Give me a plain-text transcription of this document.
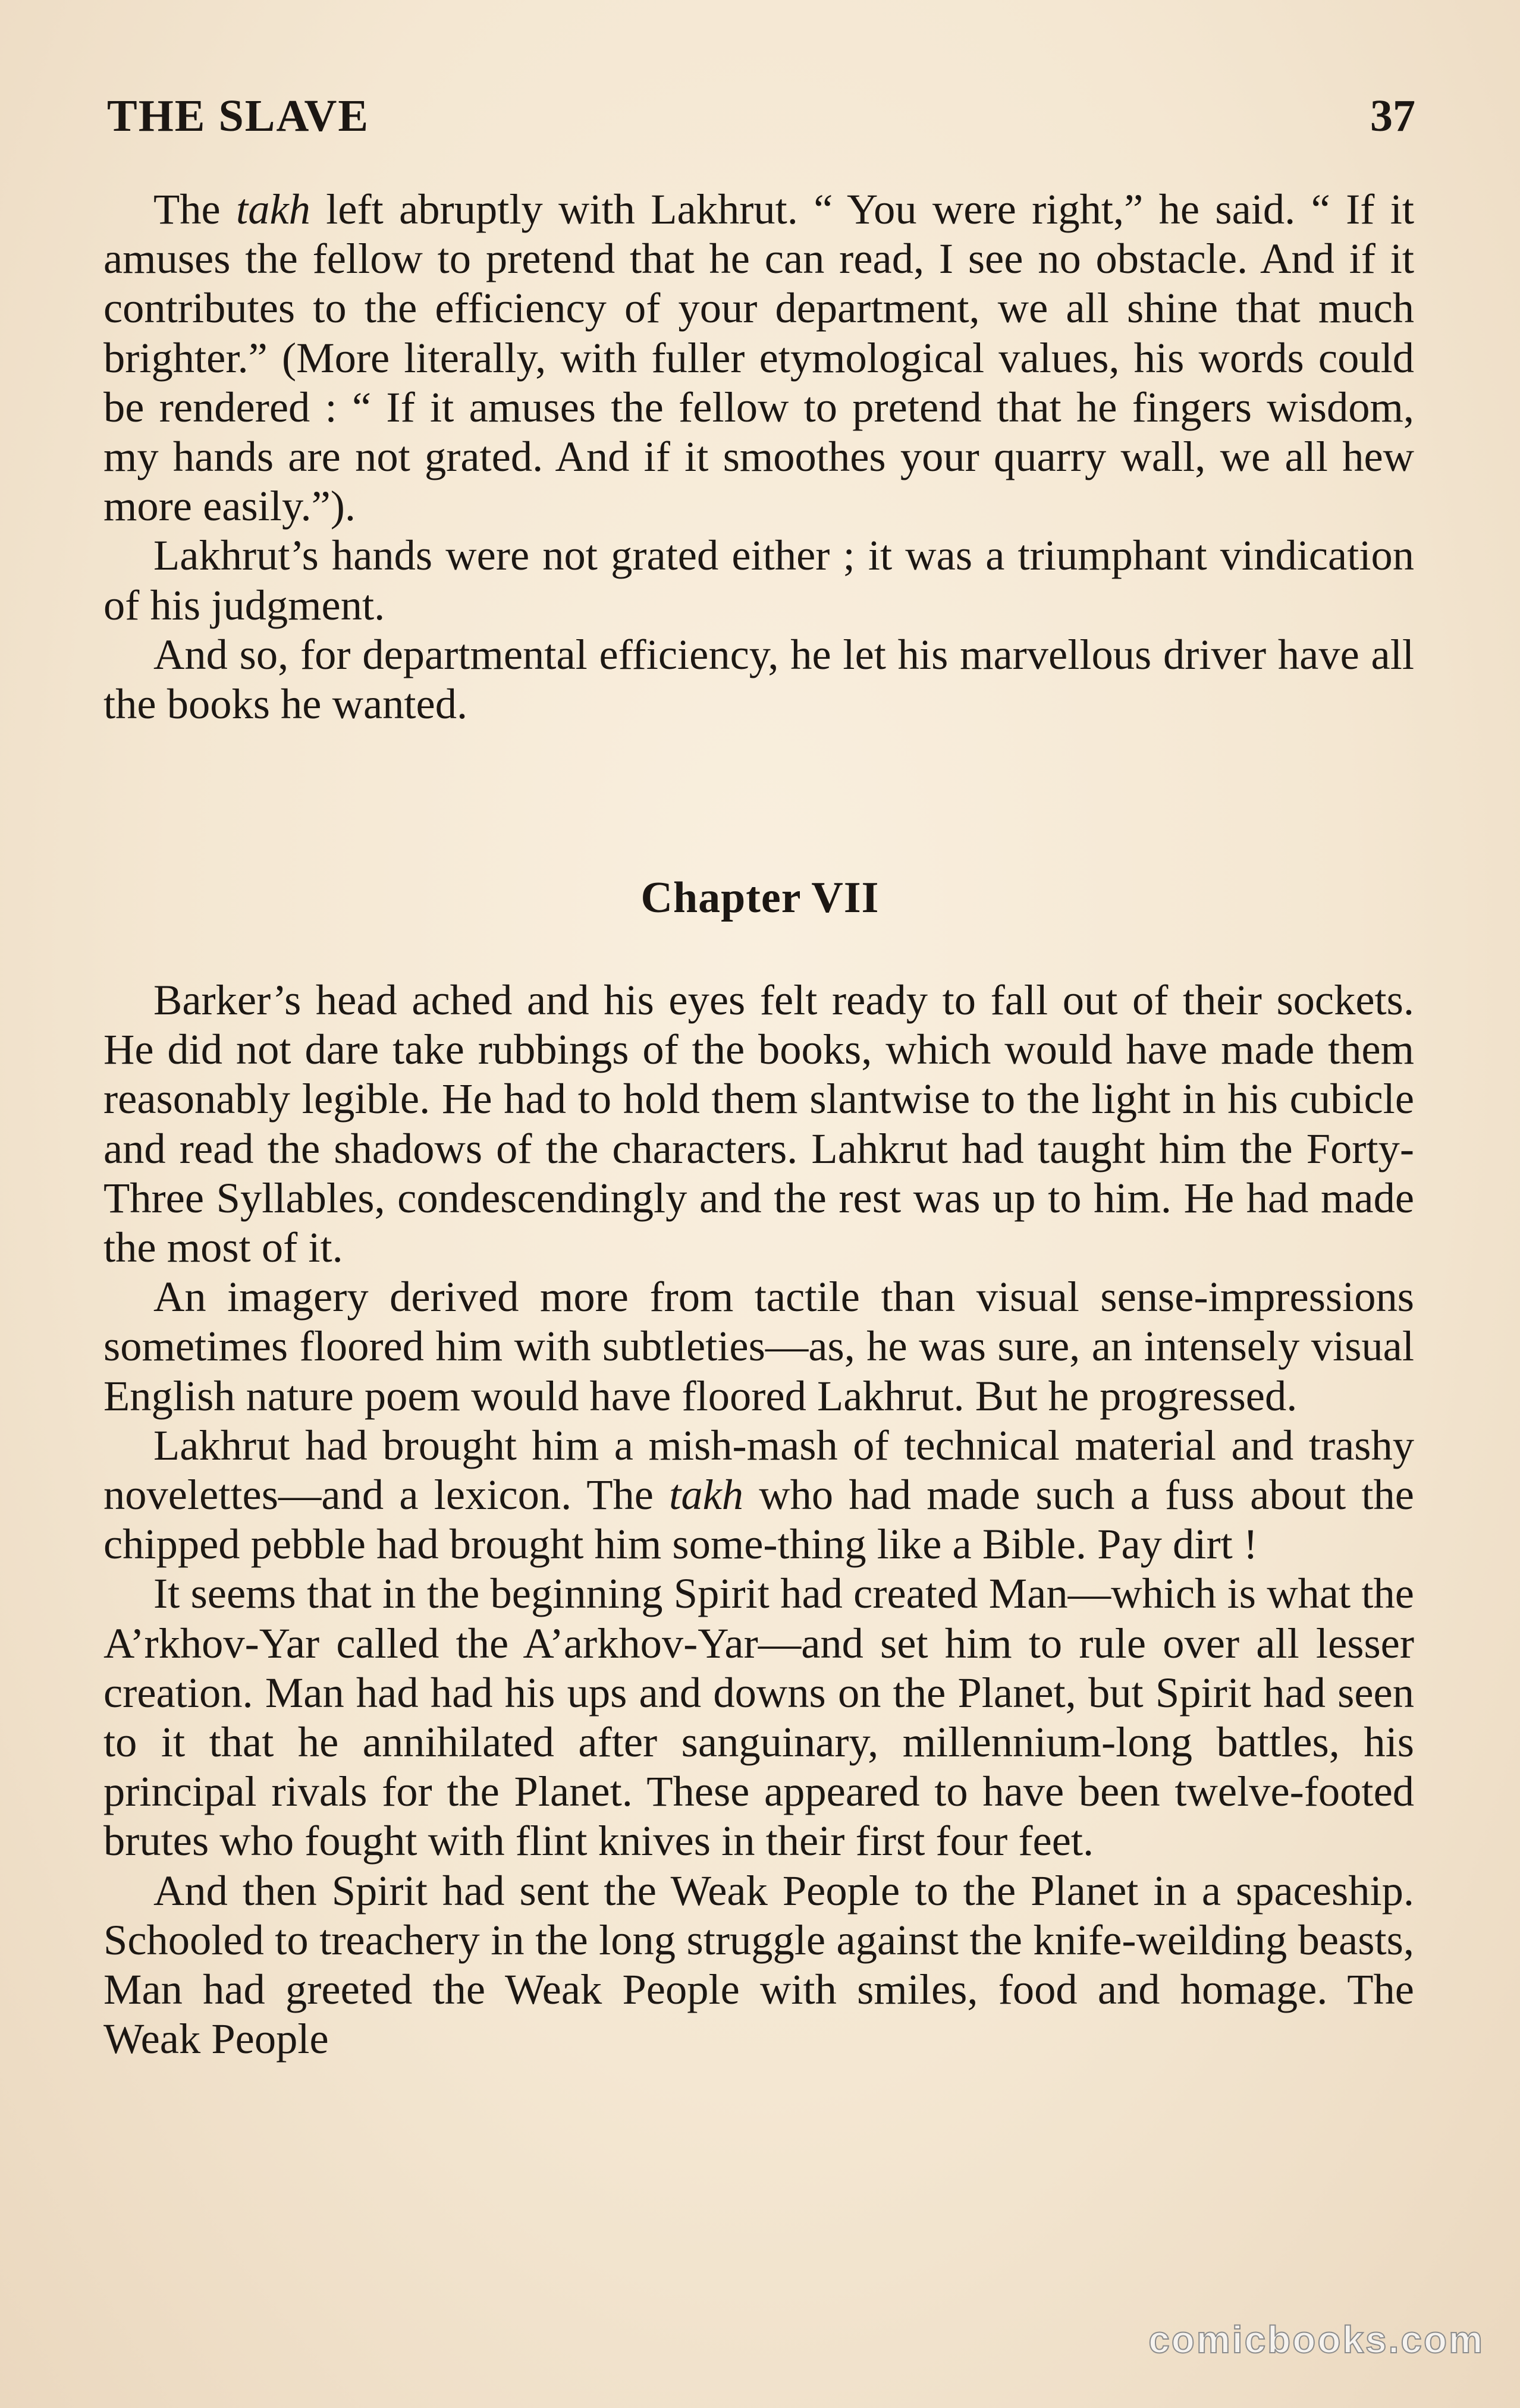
THE SLAVE	37

The takh left abruptly with Lakhrut. “ You were right,” he said. “ If it amuses the fellow to pretend that he can read, I see no obstacle. And if it contributes to the efficiency of your department, we all shine that much brighter.” (More literally, with fuller etymological values, his words could be rendered : “ If it amuses the fellow to pretend that he fingers wisdom, my hands are not grated. And if it smoothes your quarry wall, we all hew more easily.”).

Lakhrut’s hands were not grated either ; it was a triumphant vindication of his judgment.

And so, for departmental efficiency, he let his marvellous driver have all the books he wanted.

Chapter VII

Barker’s head ached and his eyes felt ready to fall out of their sockets. He did not dare take rubbings of the books, which would have made them reasonably legible. He had to hold them slantwise to the light in his cubicle and read the shadows of the characters. Lahkrut had taught him the Forty-Three Syllables, condescendingly and the rest was up to him. He had made the most of it.

An imagery derived more from tactile than visual sense-impressions sometimes floored him with subtleties—as, he was sure, an intensely visual English nature poem would have floored Lakhrut. But he progressed.

Lakhrut had brought him a mish-mash of technical material and trashy novelettes—and a lexicon. The takh who had made such a fuss about the chipped pebble had brought him some-thing like a Bible. Pay dirt !

It seems that in the beginning Spirit had created Man—which is what the A’rkhov-Yar called the A’arkhov-Yar—and set him to rule over all lesser creation. Man had had his ups and downs on the Planet, but Spirit had seen to it that he annihilated after sanguinary, millennium-long battles, his principal rivals for the Planet. These appeared to have been twelve-footed brutes who fought with flint knives in their first four feet.

And then Spirit had sent the Weak People to the Planet in a spaceship. Schooled to treachery in the long struggle against the knife-weilding beasts, Man had greeted the Weak People with smiles, food and homage. The Weak People

comicbooks.com
